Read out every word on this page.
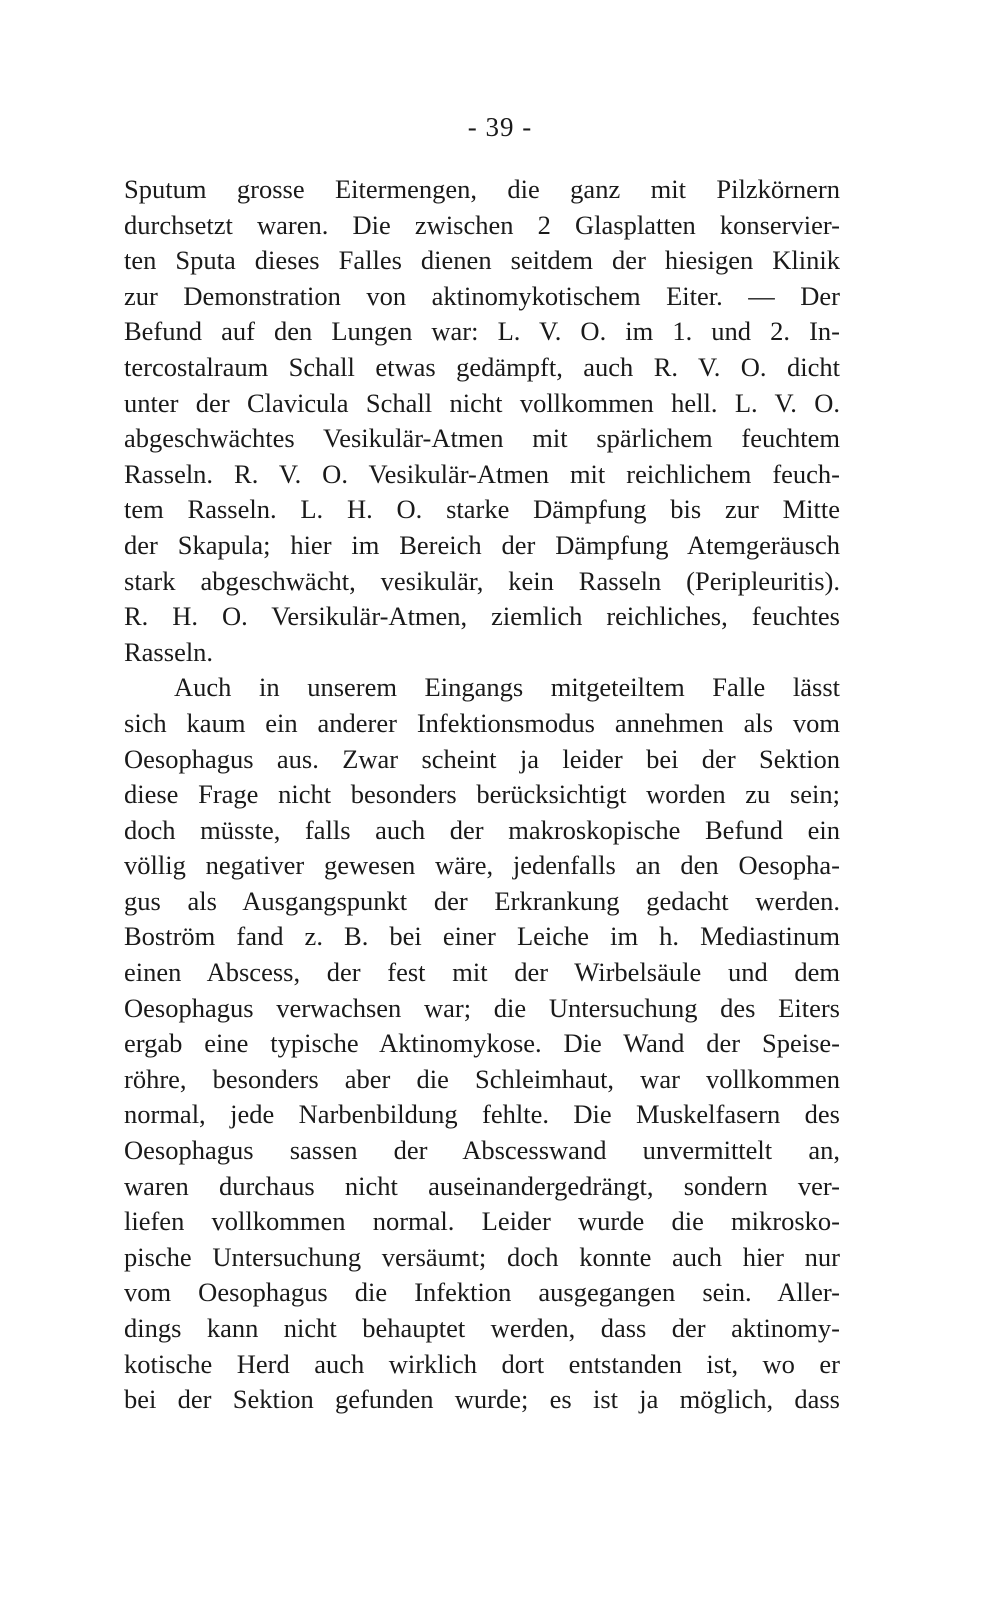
- 39 -
Sputum grosse Eitermengen, die ganz mit Pilzkörnern
durchsetzt waren. Die zwischen 2 Glasplatten konservier-
ten Sputa dieses Falles dienen seitdem der hiesigen Klinik
zur Demonstration von aktinomykotischem Eiter. — Der
Befund auf den Lungen war: L. V. O. im 1. und 2. In-
tercostalraum Schall etwas gedämpft, auch R. V. O. dicht
unter der Clavicula Schall nicht vollkommen hell. L. V. O.
abgeschwächtes Vesikulär-Atmen mit spärlichem feuchtem
Rasseln. R. V. O. Vesikulär-Atmen mit reichlichem feuch-
tem Rasseln. L. H. O. starke Dämpfung bis zur Mitte
der Skapula; hier im Bereich der Dämpfung Atemgeräusch
stark abgeschwächt, vesikulär, kein Rasseln (Peripleuritis).
R. H. O. Versikulär-Atmen, ziemlich reichliches, feuchtes
Rasseln.
Auch in unserem Eingangs mitgeteiltem Falle lässt
sich kaum ein anderer Infektionsmodus annehmen als vom
Oesophagus aus. Zwar scheint ja leider bei der Sektion
diese Frage nicht besonders berücksichtigt worden zu sein;
doch müsste, falls auch der makroskopische Befund ein
völlig negativer gewesen wäre, jedenfalls an den Oesopha-
gus als Ausgangspunkt der Erkrankung gedacht werden.
Boström fand z. B. bei einer Leiche im h. Mediastinum
einen Abscess, der fest mit der Wirbelsäule und dem
Oesophagus verwachsen war; die Untersuchung des Eiters
ergab eine typische Aktinomykose. Die Wand der Speise-
röhre, besonders aber die Schleimhaut, war vollkommen
normal, jede Narbenbildung fehlte. Die Muskelfasern des
Oesophagus sassen der Abscesswand unvermittelt an,
waren durchaus nicht auseinandergedrängt, sondern ver-
liefen vollkommen normal. Leider wurde die mikrosko-
pische Untersuchung versäumt; doch konnte auch hier nur
vom Oesophagus die Infektion ausgegangen sein. Aller-
dings kann nicht behauptet werden, dass der aktinomy-
kotische Herd auch wirklich dort entstanden ist, wo er
bei der Sektion gefunden wurde; es ist ja möglich, dass
